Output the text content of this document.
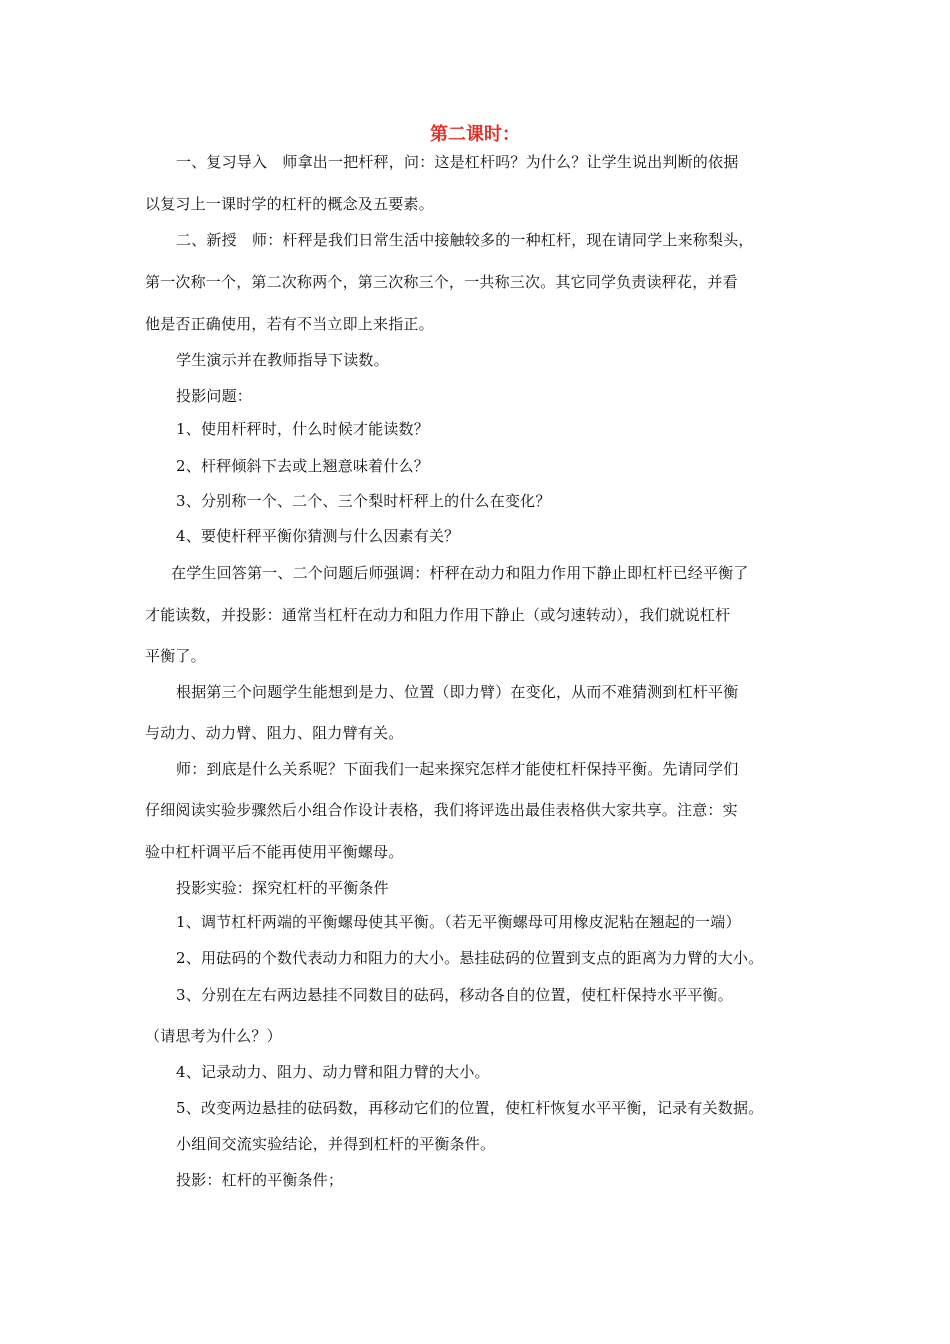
第二课时：
一、复习导入　师拿出一把杆秤，问：这是杠杆吗？为什么？让学生说出判断的依据
以复习上一课时学的杠杆的概念及五要素。
二、新授　师：杆秤是我们日常生活中接触较多的一种杠杆，现在请同学上来称梨头，
第一次称一个，第二次称两个，第三次称三个，一共称三次。其它同学负责读秤花，并看
他是否正确使用，若有不当立即上来指正。
学生演示并在教师指导下读数。
投影问题：
1、使用杆秤时，什么时候才能读数？
2、杆秤倾斜下去或上翘意味着什么？
3、分别称一个、二个、三个梨时杆秤上的什么在变化？
4、要使杆秤平衡你猜测与什么因素有关？
在学生回答第一、二个问题后师强调：杆秤在动力和阻力作用下静止即杠杆已经平衡了
才能读数，并投影：通常当杠杆在动力和阻力作用下静止（或匀速转动），我们就说杠杆
平衡了。
根据第三个问题学生能想到是力、位置（即力臂）在变化，从而不难猜测到杠杆平衡
与动力、动力臂、阻力、阻力臂有关。
师：到底是什么关系呢？下面我们一起来探究怎样才能使杠杆保持平衡。先请同学们
仔细阅读实验步骤然后小组合作设计表格，我们将评选出最佳表格供大家共享。注意：实
验中杠杆调平后不能再使用平衡螺母。
投影实验：探究杠杆的平衡条件
1、调节杠杆两端的平衡螺母使其平衡。（若无平衡螺母可用橡皮泥粘在翘起的一端）
2、用砝码的个数代表动力和阻力的大小。悬挂砝码的位置到支点的距离为力臂的大小。
3、分别在左右两边悬挂不同数目的砝码，移动各自的位置，使杠杆保持水平平衡。
（请思考为什么？）
4、记录动力、阻力、动力臂和阻力臂的大小。
5、改变两边悬挂的砝码数，再移动它们的位置，使杠杆恢复水平平衡，记录有关数据。
小组间交流实验结论，并得到杠杆的平衡条件。
投影：杠杆的平衡条件；
